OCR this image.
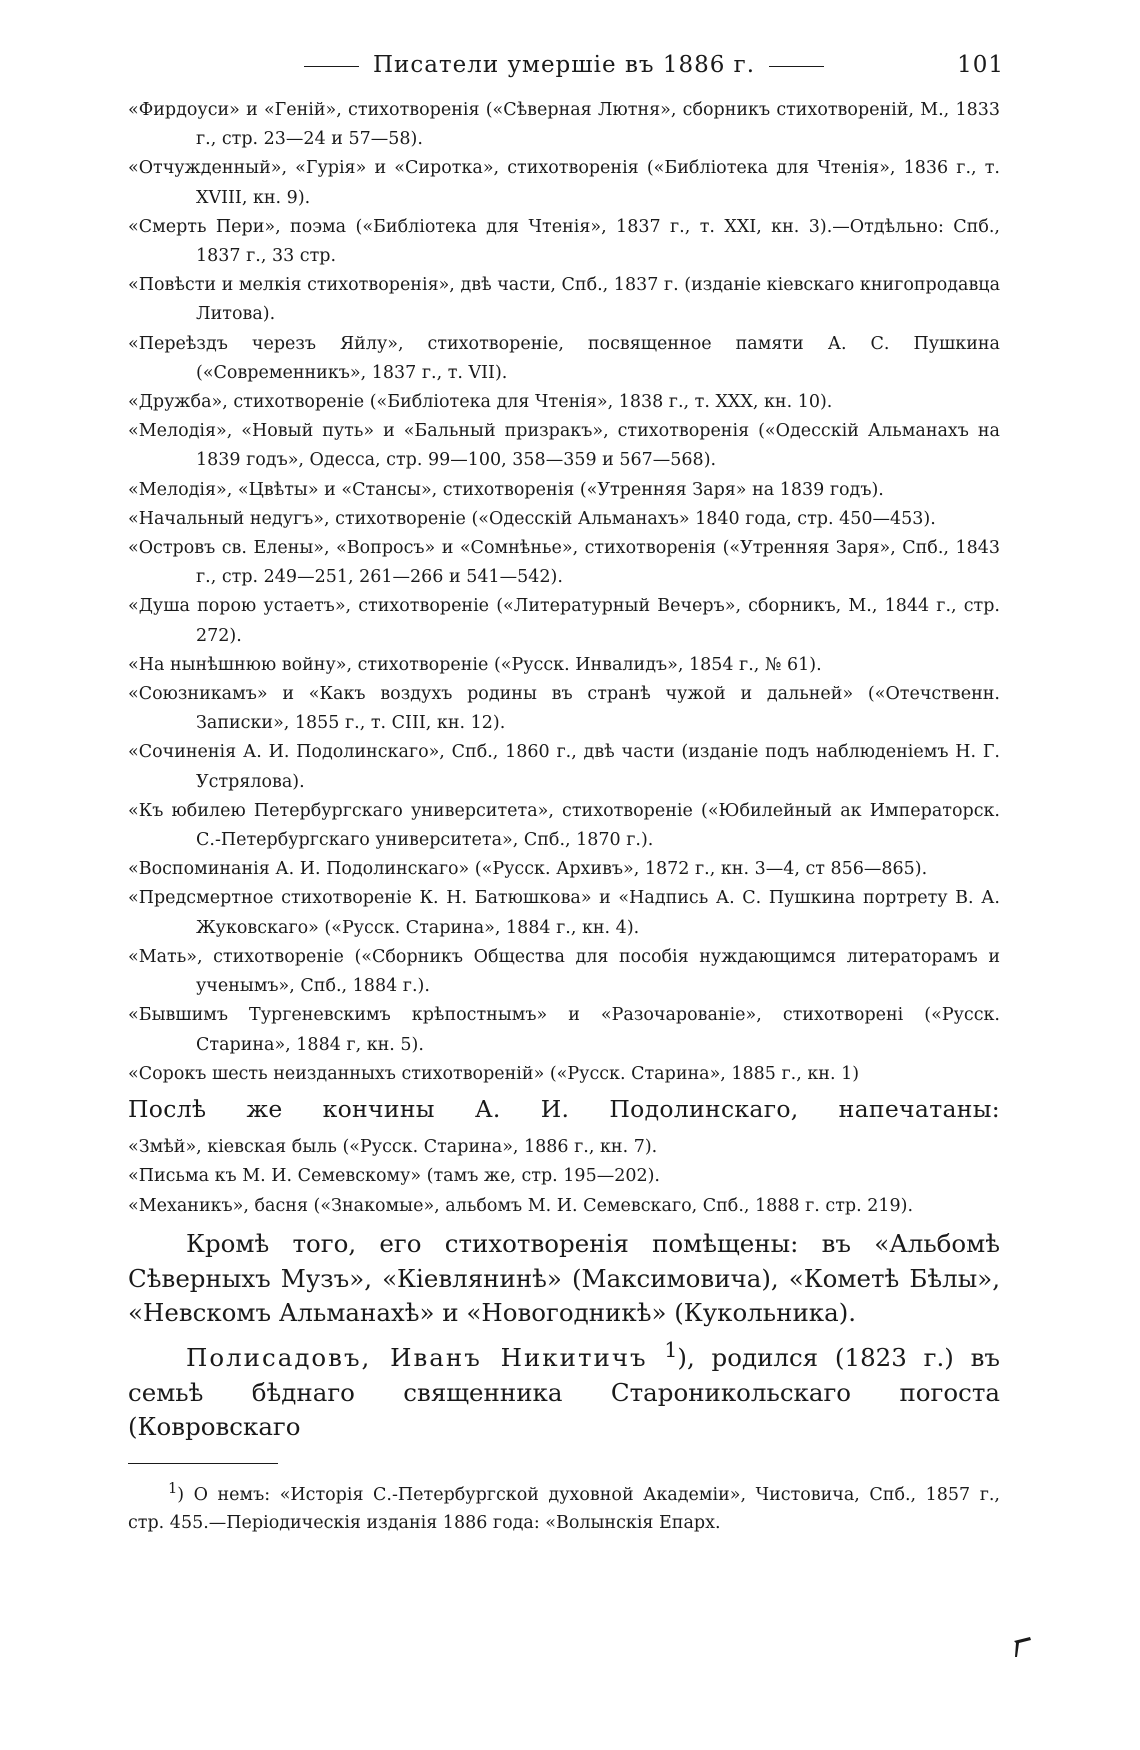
Писатели умершіе въ 1886 г.	101
«Фирдоуси» и «Геній», стихотворенія («Сѣверная Лютня», сборникъ стихотвореній, М., 1833 г., стр. 23—24 и 57—58).
«Отчужденный», «Гурія» и «Сиротка», стихотворенія («Библіотека для Чтенія», 1836 г., т. XVIII, кн. 9).
«Смерть Пери», поэма («Библіотека для Чтенія», 1837 г., т. XXI, кн. 3).—Отдѣльно: Спб., 1837 г., 33 стр.
«Повѣсти и мелкія стихотворенія», двѣ части, Спб., 1837 г. (изданіе кіевскаго книгопродавца Литова).
«Переѣздъ черезъ Яйлу», стихотвореніе, посвященное памяти А. С. Пушкина («Современникъ», 1837 г., т. VII).
«Дружба», стихотвореніе («Библіотека для Чтенія», 1838 г., т. XXX, кн. 10).
«Мелодія», «Новый путь» и «Бальный призракъ», стихотворенія («Одесскій Альманахъ на 1839 годъ», Одесса, стр. 99—100, 358—359 и 567—568).
«Мелодія», «Цвѣты» и «Стансы», стихотворенія («Утренняя Заря» на 1839 годъ).
«Начальный недугъ», стихотвореніе («Одесскій Альманахъ» 1840 года, стр. 450—453).
«Островъ св. Елены», «Вопросъ» и «Сомнѣнье», стихотворенія («Утренняя Заря», Спб., 1843 г., стр. 249—251, 261—266 и 541—542).
«Душа порою устаетъ», стихотвореніе («Литературный Вечеръ», сборникъ, М., 1844 г., стр. 272).
«На нынѣшнюю войну», стихотвореніе («Русск. Инвалидъ», 1854 г., № 61).
«Союзникамъ» и «Какъ воздухъ родины въ странѣ чужой и дальней» («Отечственн. Записки», 1855 г., т. CIII, кн. 12).
«Сочиненія А. И. Подолинскаго», Спб., 1860 г., двѣ части (изданіе подъ наблюденіемъ Н. Г. Устрялова).
«Къ юбилею Петербургскаго университета», стихотвореніе («Юбилейный ак Императорск. С.-Петербургскаго университета», Спб., 1870 г.).
«Воспоминанія А. И. Подолинскаго» («Русск. Архивъ», 1872 г., кн. 3—4, ст 856—865).
«Предсмертное стихотвореніе К. Н. Батюшкова» и «Надпись А. С. Пушкина портрету В. А. Жуковскаго» («Русск. Старина», 1884 г., кн. 4).
«Мать», стихотвореніе («Сборникъ Общества для пособія нуждающимся литераторамъ и ученымъ», Спб., 1884 г.).
«Бывшимъ Тургеневскимъ крѣпостнымъ» и «Разочарованіе», стихотворені («Русск. Старина», 1884 г, кн. 5).
«Сорокъ шесть неизданныхъ стихотвореній» («Русск. Старина», 1885 г., кн. 1)
Послѣ же кончины А. И. Подолинскаго, напечатаны:
«Змѣй», кіевская быль («Русск. Старина», 1886 г., кн. 7).
«Письма къ М. И. Семевскому» (тамъ же, стр. 195—202).
«Механикъ», басня («Знакомые», альбомъ М. И. Семевскаго, Спб., 1888 г. стр. 219).
Кромѣ того, его стихотворенія помѣщены: въ «Альбомѣ Сѣверныхъ Музъ», «Кіевлянинѣ» (Максимовича), «Кометѣ Бѣлы», «Невскомъ Альманахѣ» и «Новогодникѣ» (Кукольника).
Полисадовъ, Иванъ Никитичъ $^1$), родился (1823 г.) въ семьѣ бѣднаго священника Староникольскаго погоста (Ковровскаго
$^1$) О немъ: «Исторія С.-Петербургской духовной Академіи», Чистовича, Спб., 1857 г., стр. 455.—Періодическія изданія 1886 года: «Волынскія Епарх.
